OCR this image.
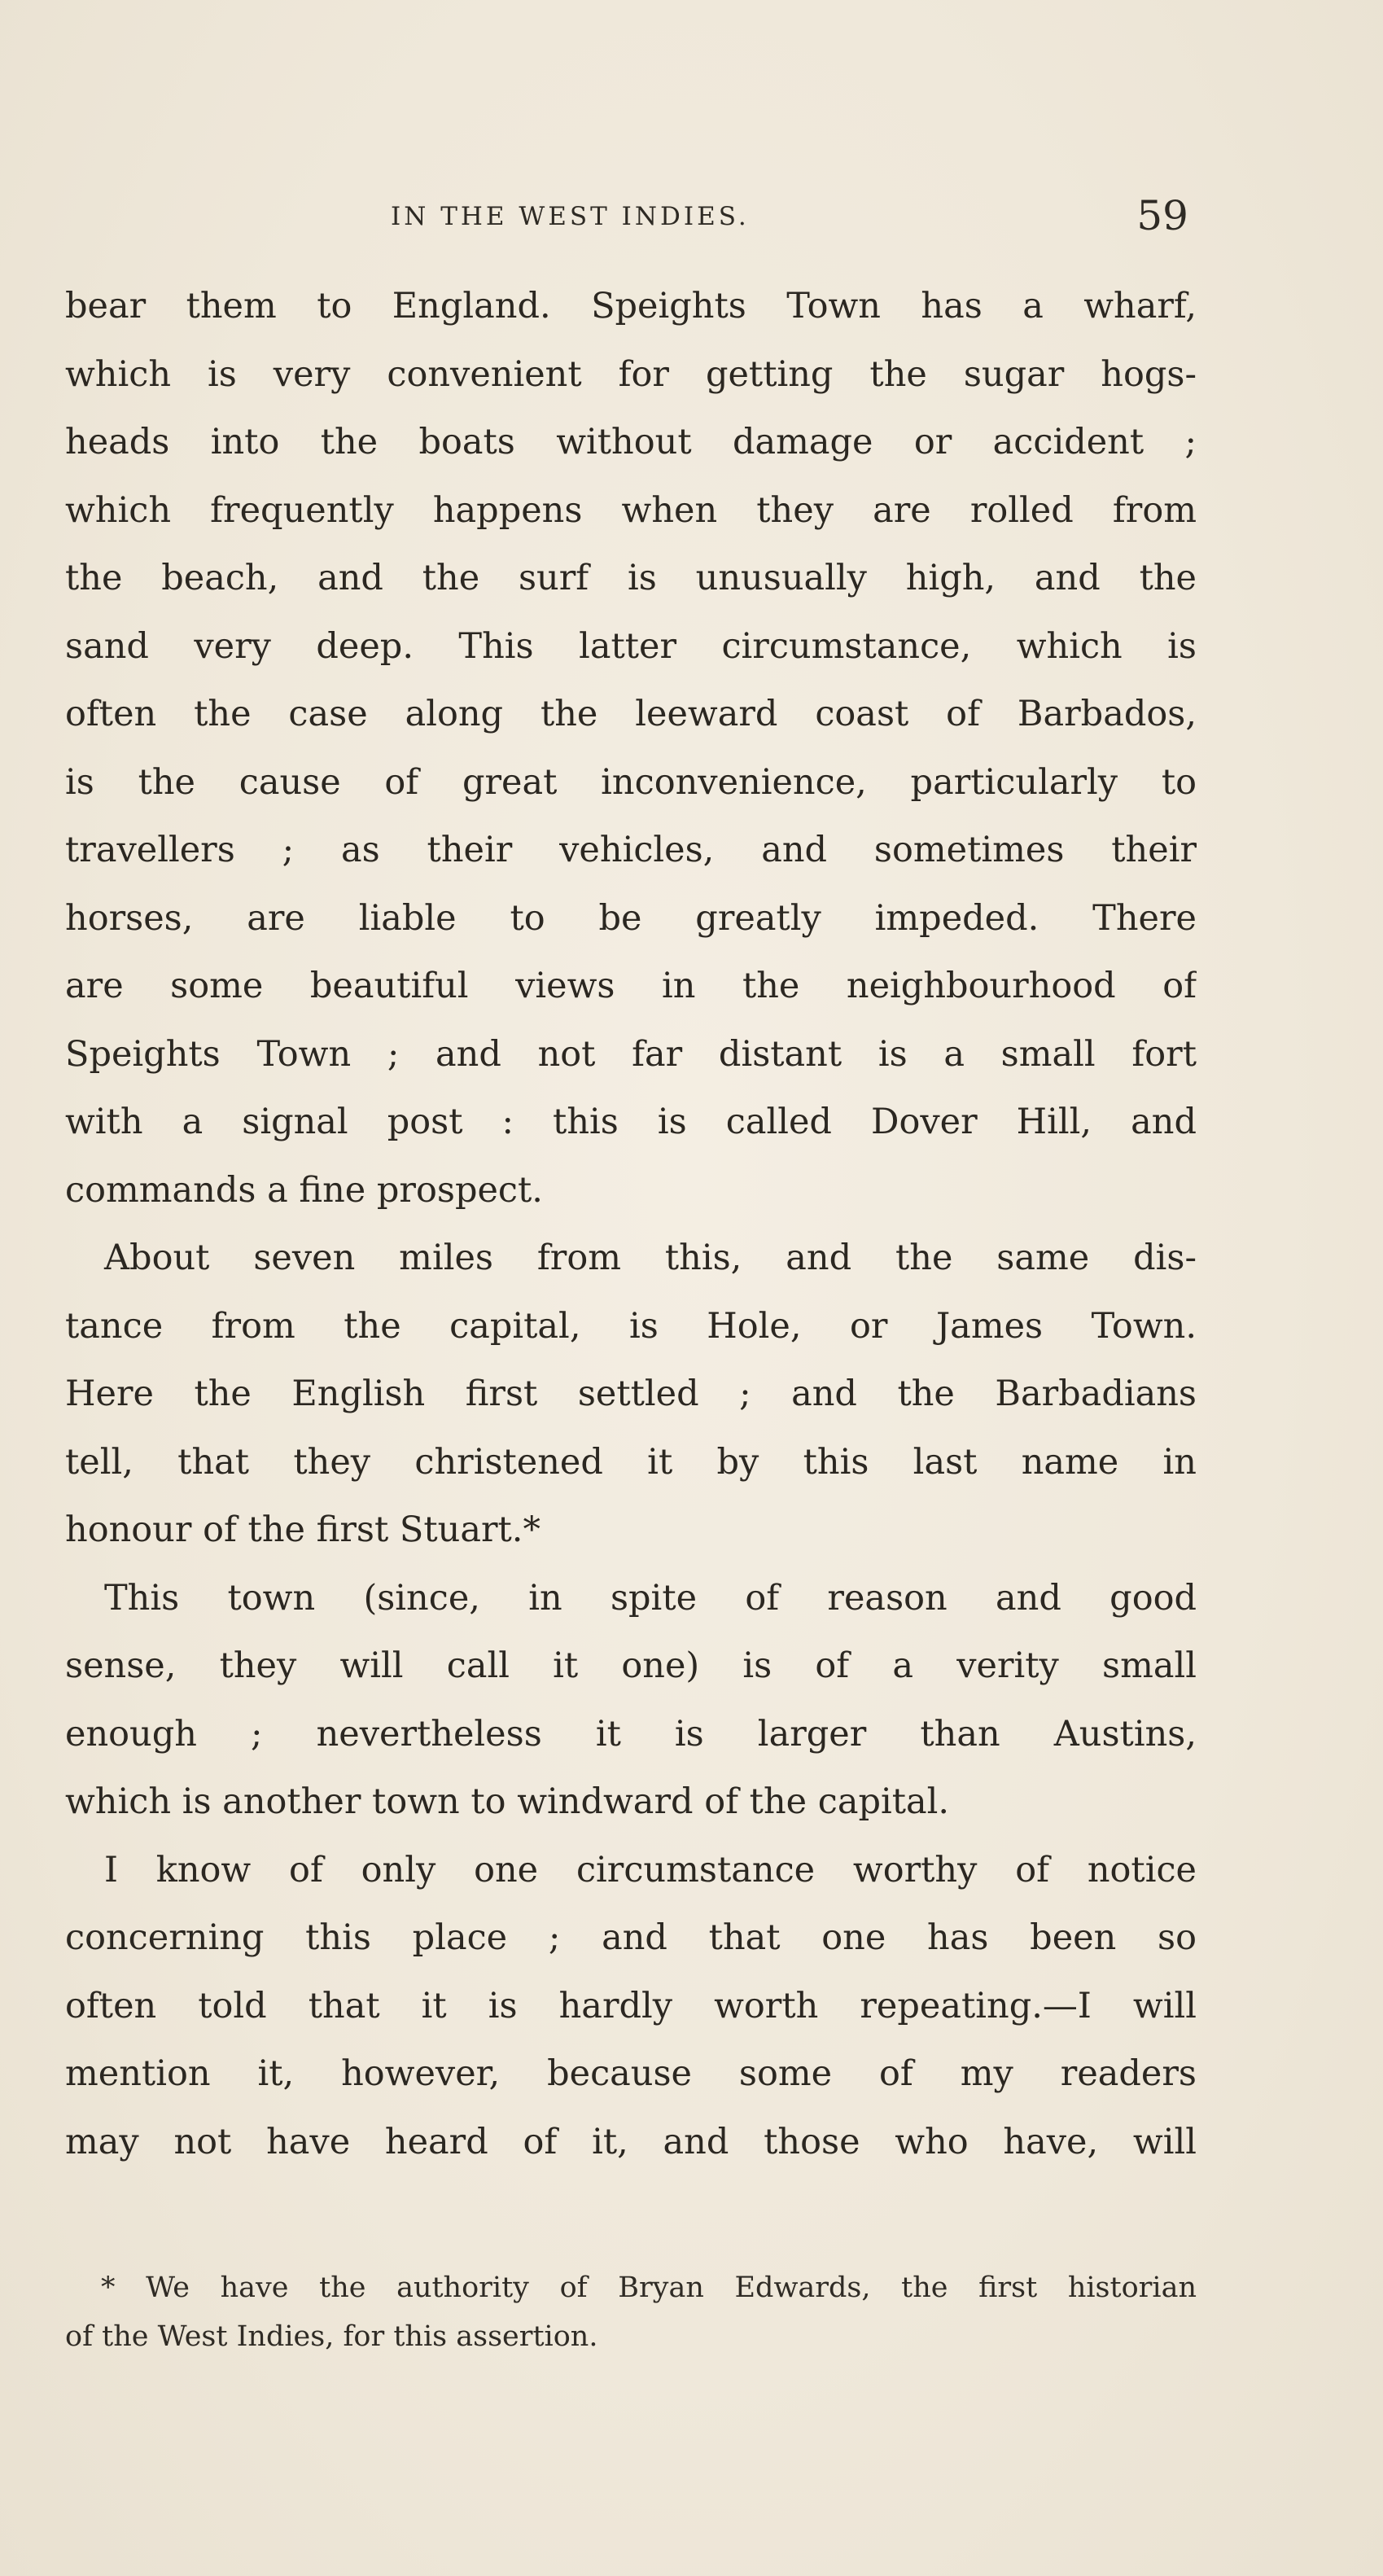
IN THE WEST INDIES.	59
bear them to England. Speights Town has a wharf,
which is very convenient for getting the sugar hogs-
heads into the boats without damage or accident ;
which frequently happens when they are rolled from
the beach, and the surf is unusually high, and the
sand very deep. This latter circumstance, which is
often the case along the leeward coast of Barbados,
is the cause of great inconvenience, particularly to
travellers ; as their vehicles, and sometimes their
horses, are liable to be greatly impeded. There
are some beautiful views in the neighbourhood of
Speights Town ; and not far distant is a small fort
with a signal post : this is called Dover Hill, and
commands a fine prospect.
About seven miles from this, and the same dis-
tance from the capital, is Hole, or James Town.
Here the English first settled ; and the Barbadians
tell, that they christened it by this last name in
honour of the first Stuart.*
This town (since, in spite of reason and good
sense, they will call it one) is of a verity small
enough ; nevertheless it is larger than Austins,
which is another town to windward of the capital.
I know of only one circumstance worthy of notice
concerning this place ; and that one has been so
often told that it is hardly worth repeating.—I will
mention it, however, because some of my readers
may not have heard of it, and those who have, will
* We have the authority of Bryan Edwards, the first historian
of the West Indies, for this assertion.
